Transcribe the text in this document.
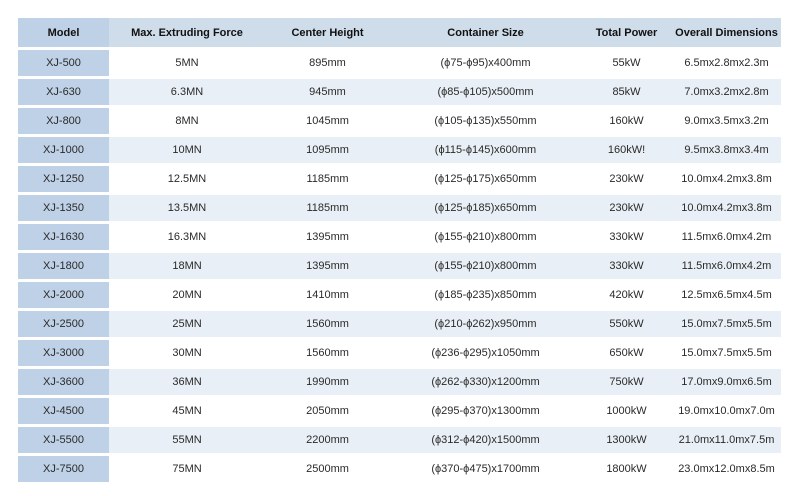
Model	Max. Extruding Force	Center Height	Container Size	Total Power	Overall Dimensions
XJ-500	5MN	895mm	(ϕ75-ϕ95)x400mm	55kW	6.5mx2.8mx2.3m
XJ-630	6.3MN	945mm	(ϕ85-ϕ105)x500mm	85kW	7.0mx3.2mx2.8m
XJ-800	8MN	1045mm	(ϕ105-ϕ135)x550mm	160kW	9.0mx3.5mx3.2m
XJ-1000	10MN	1095mm	(ϕ115-ϕ145)x600mm	160kW!	9.5mx3.8mx3.4m
XJ-1250	12.5MN	1185mm	(ϕ125-ϕ175)x650mm	230kW	10.0mx4.2mx3.8m
XJ-1350	13.5MN	1185mm	(ϕ125-ϕ185)x650mm	230kW	10.0mx4.2mx3.8m
XJ-1630	16.3MN	1395mm	(ϕ155-ϕ210)x800mm	330kW	11.5mx6.0mx4.2m
XJ-1800	18MN	1395mm	(ϕ155-ϕ210)x800mm	330kW	11.5mx6.0mx4.2m
XJ-2000	20MN	1410mm	(ϕ185-ϕ235)x850mm	420kW	12.5mx6.5mx4.5m
XJ-2500	25MN	1560mm	(ϕ210-ϕ262)x950mm	550kW	15.0mx7.5mx5.5m
XJ-3000	30MN	1560mm	(ϕ236-ϕ295)x1050mm	650kW	15.0mx7.5mx5.5m
XJ-3600	36MN	1990mm	(ϕ262-ϕ330)x1200mm	750kW	17.0mx9.0mx6.5m
XJ-4500	45MN	2050mm	(ϕ295-ϕ370)x1300mm	1000kW	19.0mx10.0mx7.0m
XJ-5500	55MN	2200mm	(ϕ312-ϕ420)x1500mm	1300kW	21.0mx11.0mx7.5m
XJ-7500	75MN	2500mm	(ϕ370-ϕ475)x1700mm	1800kW	23.0mx12.0mx8.5m
